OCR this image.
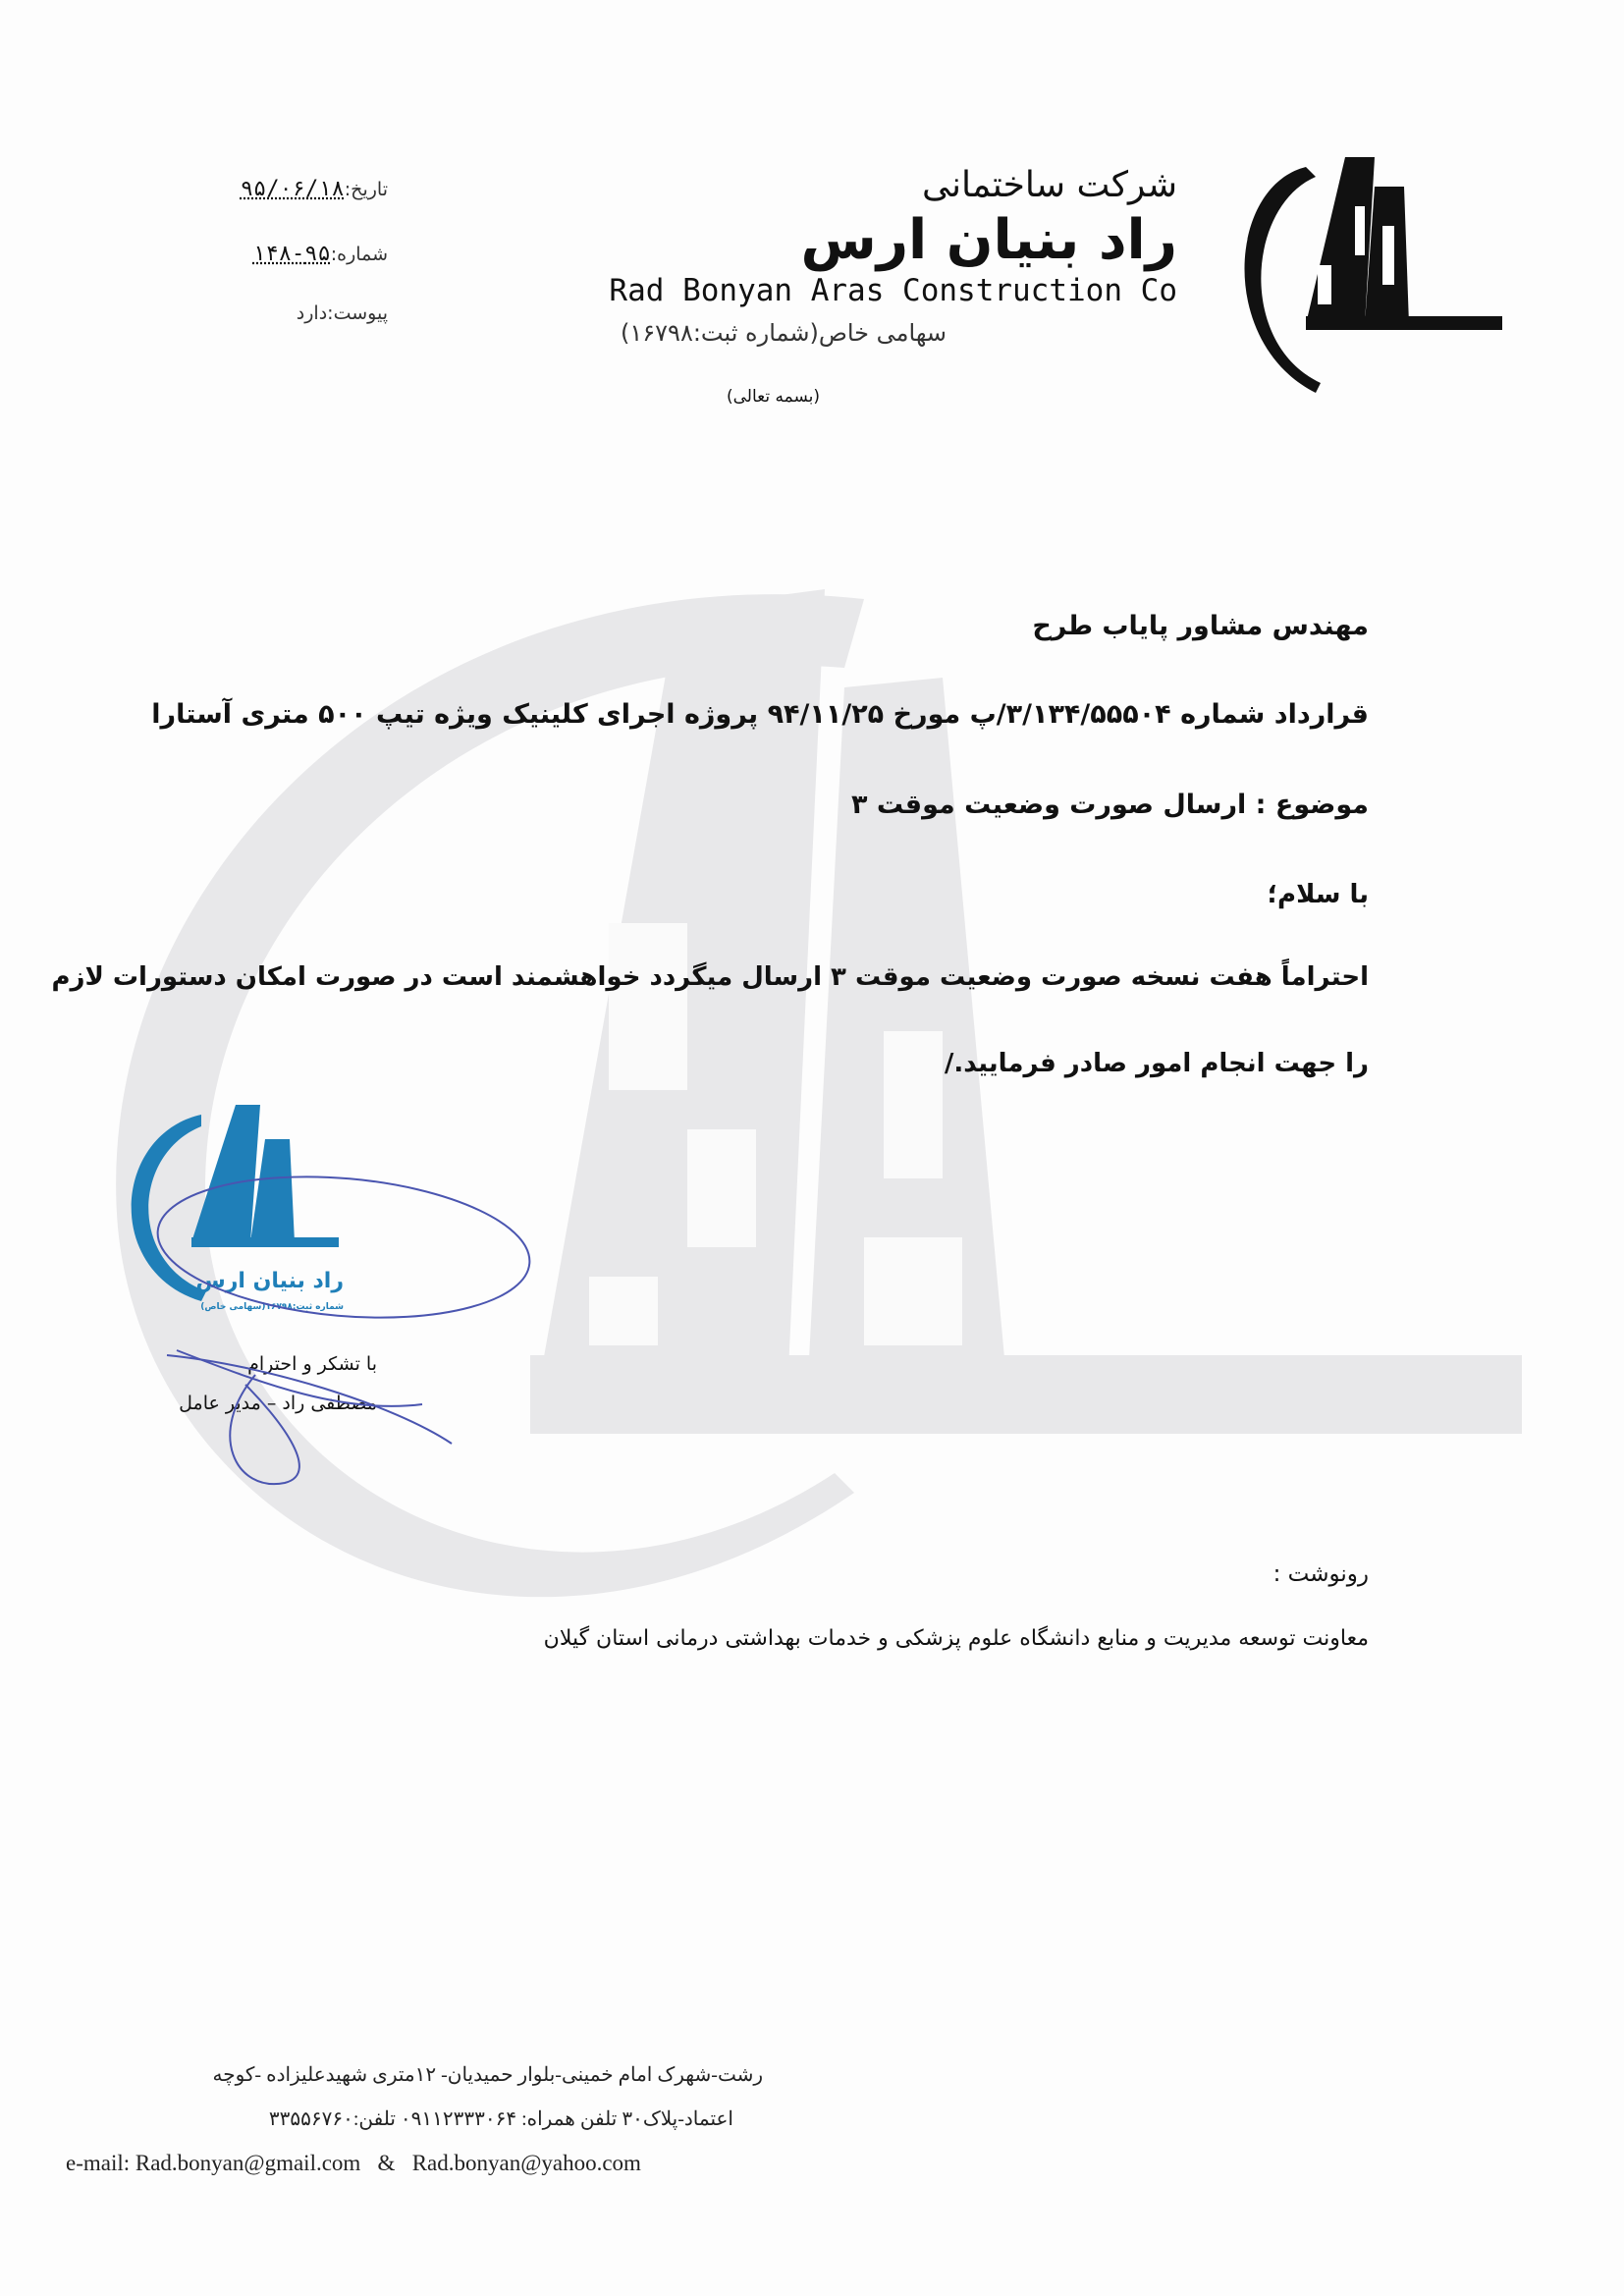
شرکت ساختمانی
راد بنیان ارس
Rad Bonyan Aras Construction Co
سهامی خاص(شماره ثبت:۱۶۷۹۸)
(بسمه تعالی)
تاریخ:۹۵/۰۶/۱۸
شماره:۹۵-۱۴۸
پیوست:دارد
مهندس مشاور پایاب طرح
قرارداد شماره ۳/۱۳۴/۵۵۵۰۴/پ مورخ ۹۴/۱۱/۲۵ پروژه اجرای کلینیک ویژه تیپ ۵۰۰ متری آستارا
موضوع : ارسال صورت وضعیت موقت ۳
با سلام؛
احتراماً هفت نسخه صورت وضعیت موقت ۳ ارسال میگردد خواهشمند است در صورت امکان دستورات لازم
را جهت انجام امور صادر فرمایید./
راد بنیان ارس
شماره ثبت:۱۶۷۹۸(سهامی خاص)
با تشکر و احترام
مصطفی راد – مدیر عامل
رونوشت :
معاونت توسعه مدیریت و منابع دانشگاه علوم پزشکی و خدمات بهداشتی درمانی استان گیلان
رشت-شهرک امام خمینی-بلوار حمیدیان- ۱۲متری شهیدعلیزاده -کوچه
اعتماد-پلاک۳۰ تلفن همراه: ۰۹۱۱۲۳۳۳۰۶۴ تلفن:۳۳۵۵۶۷۶۰
e-mail: Rad.bonyan@gmail.com   &   Rad.bonyan@yahoo.com
